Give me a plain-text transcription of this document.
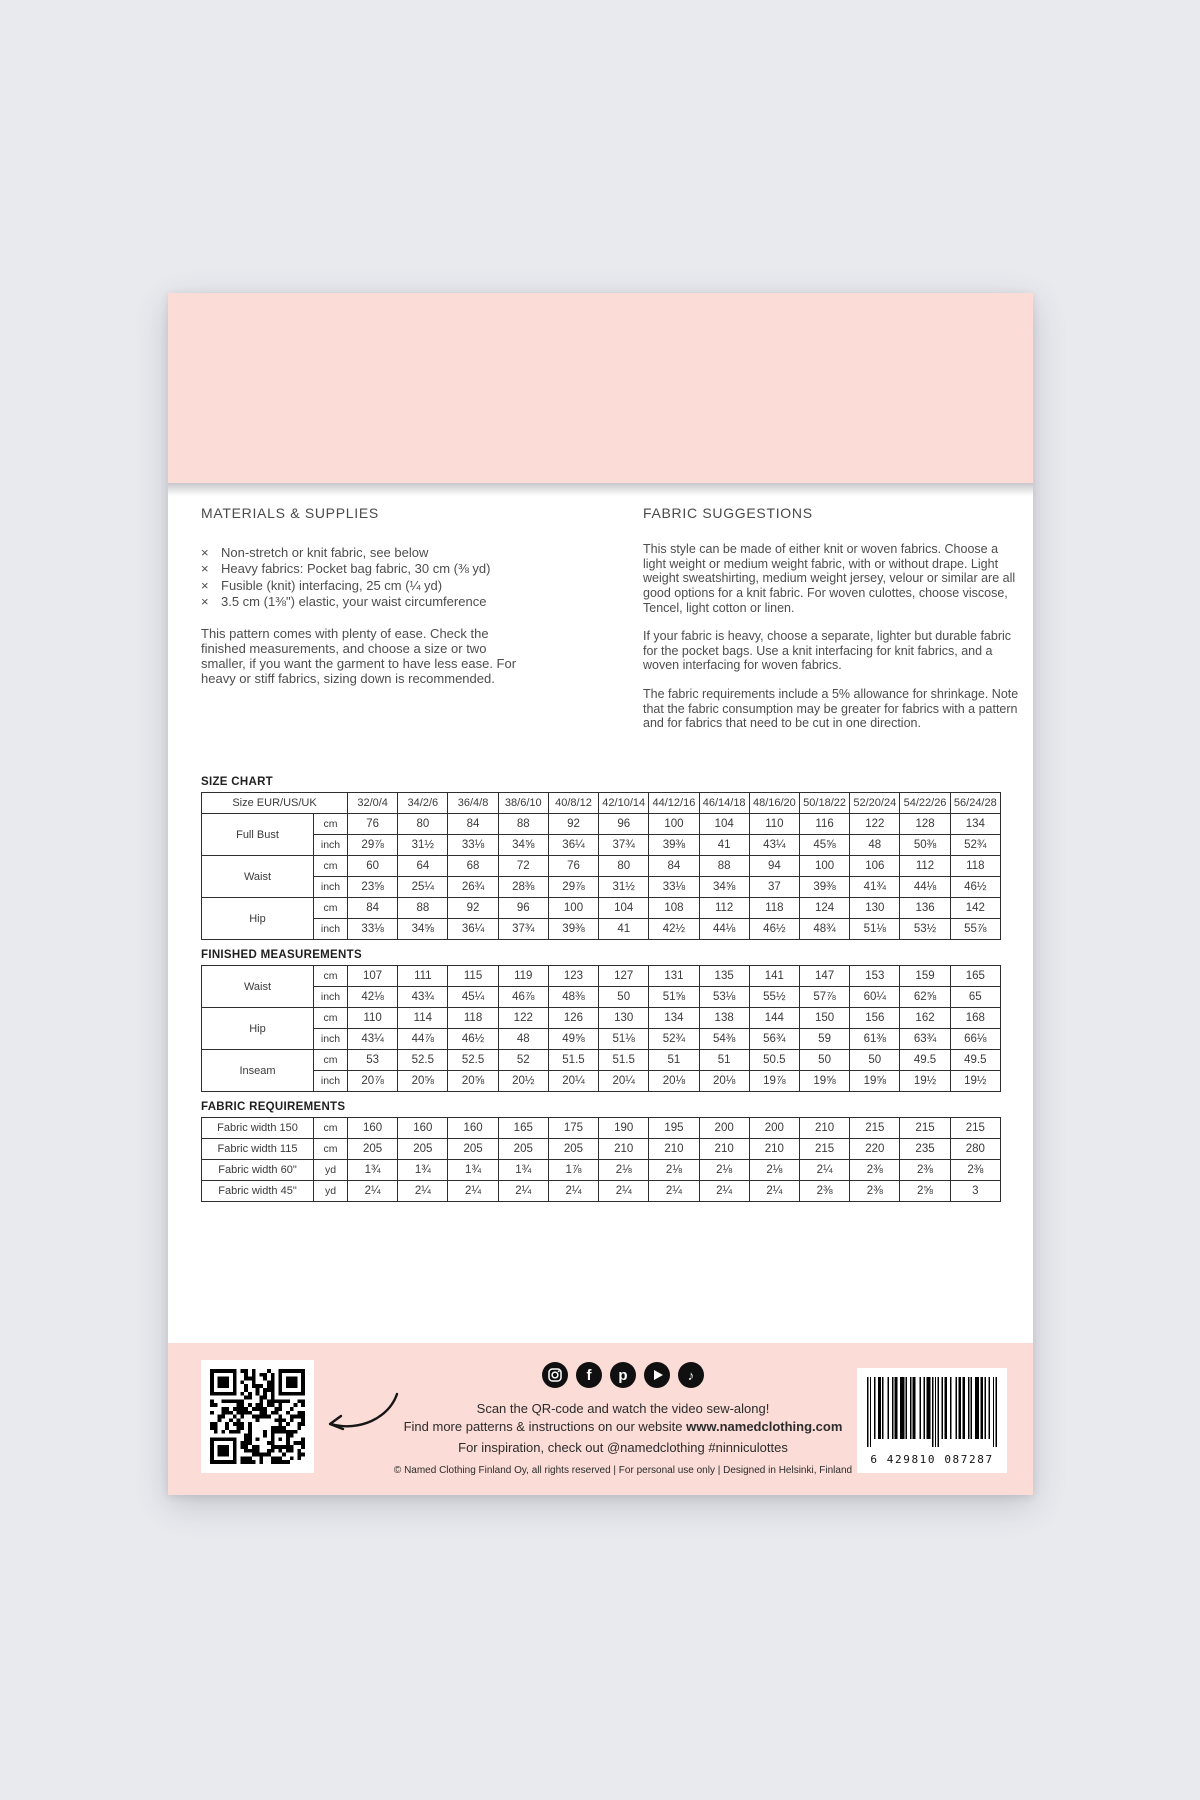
MATERIALS & SUPPLIES
× Non-stretch or knit fabric, see below
× Heavy fabrics: Pocket bag fabric, 30 cm (⅜ yd)
× Fusible (knit) interfacing, 25 cm (¼ yd)
× 3.5 cm (1⅜") elastic, your waist circumference

This pattern comes with plenty of ease. Check the finished measurements, and choose a size or two smaller, if you want the garment to have less ease. For heavy or stiff fabrics, sizing down is recommended.

FABRIC SUGGESTIONS

This style can be made of either knit or woven fabrics. Choose a light weight or medium weight fabric, with or without drape. Light weight sweatshirting, medium weight jersey, velour or similar are all good options for a knit fabric. For woven culottes, choose viscose, Tencel, light cotton or linen.

If your fabric is heavy, choose a separate, lighter but durable fabric for the pocket bags. Use a knit interfacing for knit fabrics, and a woven interfacing for woven fabrics.

The fabric requirements include a 5% allowance for shrinkage. Note that the fabric consumption may be greater for fabrics with a pattern and for fabrics that need to be cut in one direction.

SIZE CHART
Size EUR/US/UK		32/0/4	34/2/6	36/4/8	38/6/10	40/8/12	42/10/14	44/12/16	46/14/18	48/16/20	50/18/22	52/20/24	54/22/26	56/24/28
Full Bust	cm	76	80	84	88	92	96	100	104	110	116	122	128	134
	inch	29⅞	31½	33⅛	34⅝	36¼	37¾	39⅜	41	43¼	45⅝	48	50⅜	52¾
Waist	cm	60	64	68	72	76	80	84	88	94	100	106	112	118
	inch	23⅝	25¼	26¾	28⅜	29⅞	31½	33⅛	34⅝	37	39⅜	41¾	44⅛	46½
Hip	cm	84	88	92	96	100	104	108	112	118	124	130	136	142
	inch	33⅛	34⅝	36¼	37¾	39⅜	41	42½	44⅛	46½	48¾	51⅛	53½	55⅞
FINISHED MEASUREMENTS
Waist	cm	107	111	115	119	123	127	131	135	141	147	153	159	165
	inch	42⅛	43¾	45¼	46⅞	48⅜	50	51⅝	53⅛	55½	57⅞	60¼	62⅝	65
Hip	cm	110	114	118	122	126	130	134	138	144	150	156	162	168
	inch	43¼	44⅞	46½	48	49⅝	51⅛	52¾	54⅜	56¾	59	61⅜	63¾	66⅛
Inseam	cm	53	52.5	52.5	52	51.5	51.5	51	51	50.5	50	50	49.5	49.5
	inch	20⅞	20⅝	20⅝	20½	20¼	20¼	20⅛	20⅛	19⅞	19⅝	19⅝	19½	19½
FABRIC REQUIREMENTS
Fabric width 150	cm	160	160	160	165	175	190	195	200	200	210	215	215	215
Fabric width 115	cm	205	205	205	205	205	210	210	210	210	215	220	235	280
Fabric width 60"	yd	1¾	1¾	1¾	1¾	1⅞	2⅛	2⅛	2⅛	2⅛	2¼	2⅜	2⅜	2⅜
Fabric width 45"	yd	2¼	2¼	2¼	2¼	2¼	2¼	2¼	2¼	2¼	2⅜	2⅜	2⅝	3
f p	♪

Scan the QR-code and watch the video sew-along!

Find more patterns & instructions on our website www.namedclothing.com

For inspiration, check out @namedclothing #ninniculottes

© Named Clothing Finland Oy, all rights reserved | For personal use only | Designed in Helsinki, Finland

6 429810 087287
